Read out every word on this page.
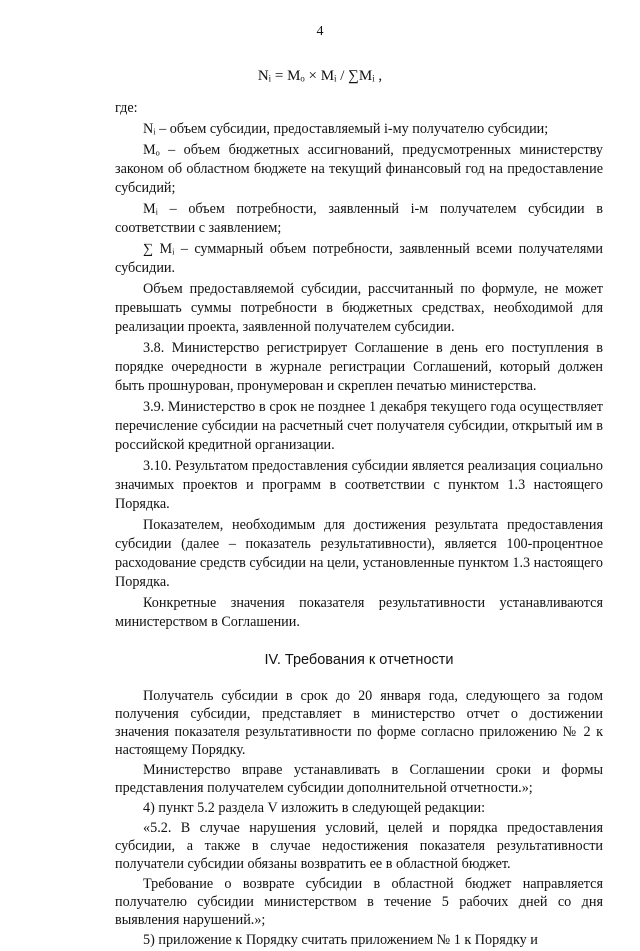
4
Nᵢ = Mₒ × Mᵢ / ∑Mᵢ ,

где:

Nᵢ – объем субсидии, предоставляемый i-му получателю субсидии;

Mₒ – объем бюджетных ассигнований, предусмотренных министерству законом об областном бюджете на текущий финансовый год на предоставление субсидий;

Mᵢ – объем потребности, заявленный i-м получателем субсидии в соответствии с заявлением;

∑ Mᵢ – суммарный объем потребности, заявленный всеми получателями субсидии.

Объем предоставляемой субсидии, рассчитанный по формуле, не может превышать суммы потребности в бюджетных средствах, необходимой для реализации проекта, заявленной получателем субсидии.

3.8. Министерство регистрирует Соглашение в день его поступления в порядке очередности в журнале регистрации Соглашений, который должен быть прошнурован, пронумерован и скреплен печатью министерства.

3.9. Министерство в срок не позднее 1 декабря текущего года осуществляет перечисление субсидии на расчетный счет получателя субсидии, открытый им в российской кредитной организации.

3.10. Результатом предоставления субсидии является реализация социально значимых проектов и программ в соответствии с пунктом 1.3 настоящего Порядка.

Показателем, необходимым для достижения результата предоставления субсидии (далее – показатель результативности), является 100-процентное расходование средств субсидии на цели, установленные пунктом 1.3 настоящего Порядка.

Конкретные значения показателя результативности устанавливаются министерством в Соглашении.

IV. Требования к отчетности

Получатель субсидии в срок до 20 января года, следующего за годом получения субсидии, представляет в министерство отчет о достижении значения показателя результативности по форме согласно приложению № 2 к настоящему Порядку.

Министерство вправе устанавливать в Соглашении сроки и формы представления получателем субсидии дополнительной отчетности.»;

4) пункт 5.2 раздела V изложить в следующей редакции:

«5.2. В случае нарушения условий, целей и порядка предоставления субсидии, а также в случае недостижения показателя результативности получатели субсидии обязаны возвратить ее в областной бюджет.

Требование о возврате субсидии в областной бюджет направляется получателю субсидии министерством в течение 5 рабочих дней со дня выявления нарушений.»;

5) приложение к Порядку считать приложением № 1 к Порядку и
